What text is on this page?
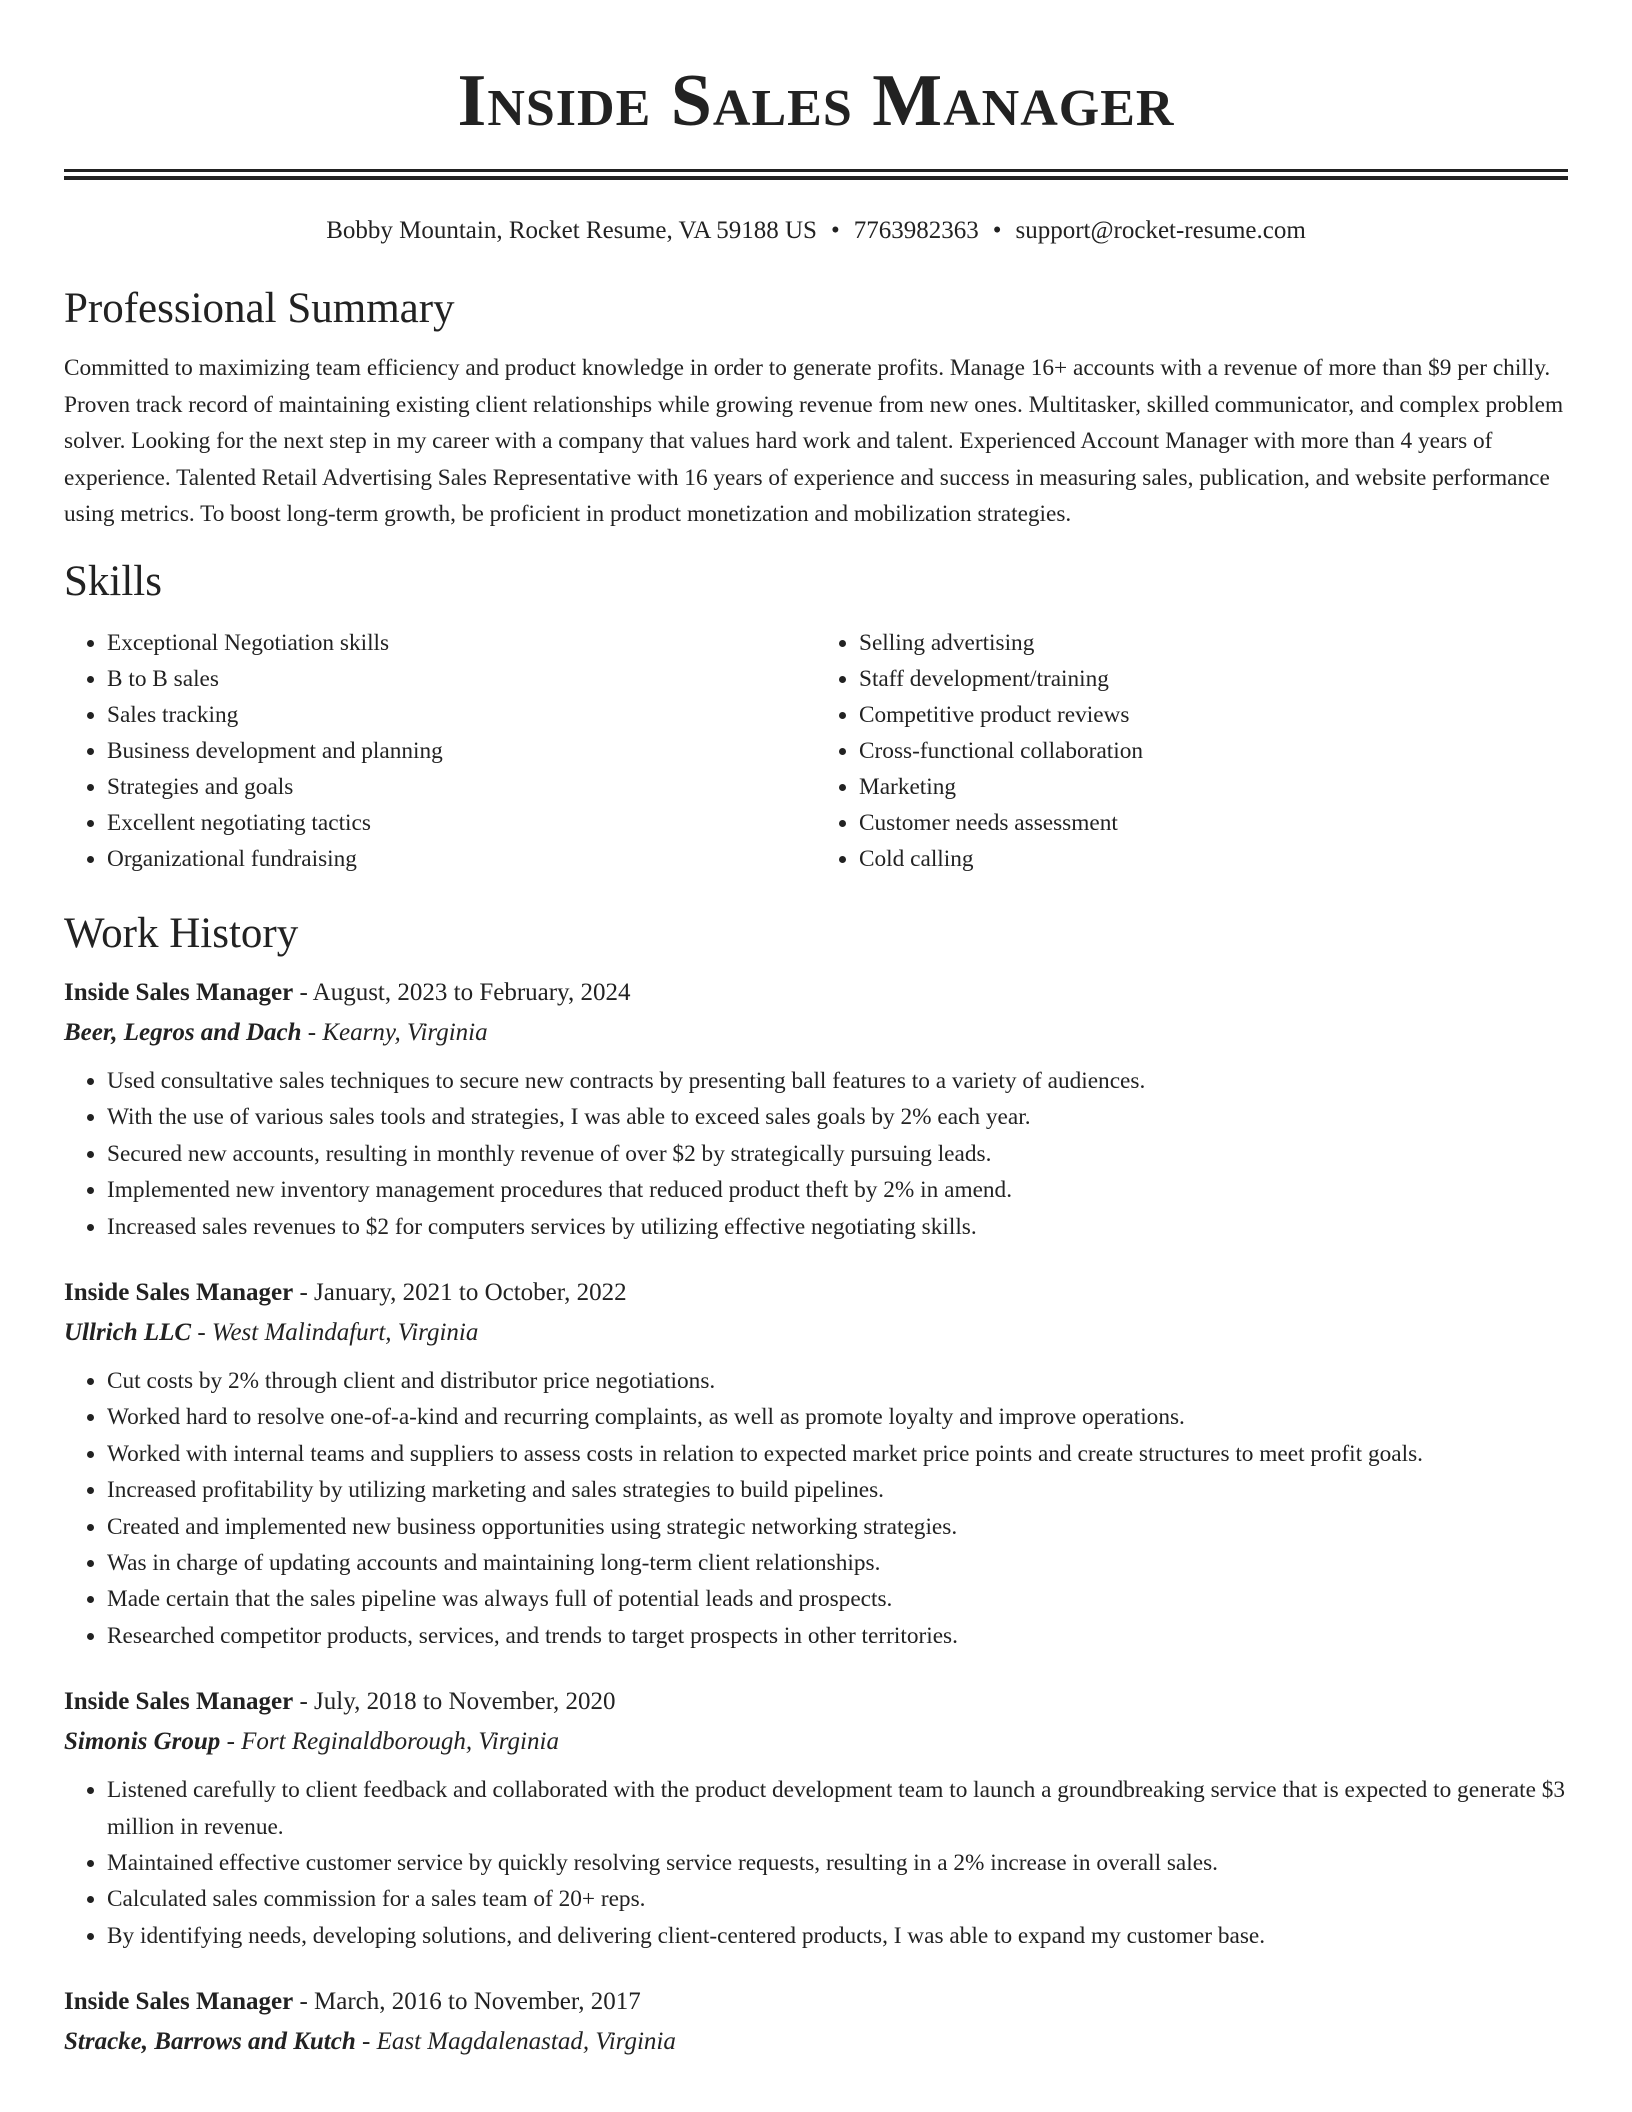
Inside Sales Manager
Bobby Mountain, Rocket Resume, VA 59188 US • 7763982363 • support@rocket-resume.com
Professional Summary
Committed to maximizing team efficiency and product knowledge in order to generate profits. Manage 16+ accounts with a revenue of more than $9 per chilly. Proven track record of maintaining existing client relationships while growing revenue from new ones. Multitasker, skilled communicator, and complex problem solver. Looking for the next step in my career with a company that values hard work and talent. Experienced Account Manager with more than 4 years of experience. Talented Retail Advertising Sales Representative with 16 years of experience and success in measuring sales, publication, and website performance using metrics. To boost long-term growth, be proficient in product monetization and mobilization strategies.
Skills
• Exceptional Negotiation skills
• B to B sales
• Sales tracking
• Business development and planning
• Strategies and goals
• Excellent negotiating tactics
• Organizational fundraising
• Selling advertising
• Staff development/training
• Competitive product reviews
• Cross-functional collaboration
• Marketing
• Customer needs assessment
• Cold calling
Work History
Inside Sales Manager - August, 2023 to February, 2024
Beer, Legros and Dach - Kearny, Virginia
• Used consultative sales techniques to secure new contracts by presenting ball features to a variety of audiences.
• With the use of various sales tools and strategies, I was able to exceed sales goals by 2% each year.
• Secured new accounts, resulting in monthly revenue of over $2 by strategically pursuing leads.
• Implemented new inventory management procedures that reduced product theft by 2% in amend.
• Increased sales revenues to $2 for computers services by utilizing effective negotiating skills.
Inside Sales Manager - January, 2021 to October, 2022
Ullrich LLC - West Malindafurt, Virginia
• Cut costs by 2% through client and distributor price negotiations.
• Worked hard to resolve one-of-a-kind and recurring complaints, as well as promote loyalty and improve operations.
• Worked with internal teams and suppliers to assess costs in relation to expected market price points and create structures to meet profit goals.
• Increased profitability by utilizing marketing and sales strategies to build pipelines.
• Created and implemented new business opportunities using strategic networking strategies.
• Was in charge of updating accounts and maintaining long-term client relationships.
• Made certain that the sales pipeline was always full of potential leads and prospects.
• Researched competitor products, services, and trends to target prospects in other territories.
Inside Sales Manager - July, 2018 to November, 2020
Simonis Group - Fort Reginaldborough, Virginia
• Listened carefully to client feedback and collaborated with the product development team to launch a groundbreaking service that is expected to generate $3 million in revenue.
• Maintained effective customer service by quickly resolving service requests, resulting in a 2% increase in overall sales.
• Calculated sales commission for a sales team of 20+ reps.
• By identifying needs, developing solutions, and delivering client-centered products, I was able to expand my customer base.
Inside Sales Manager - March, 2016 to November, 2017
Stracke, Barrows and Kutch - East Magdalenastad, Virginia
